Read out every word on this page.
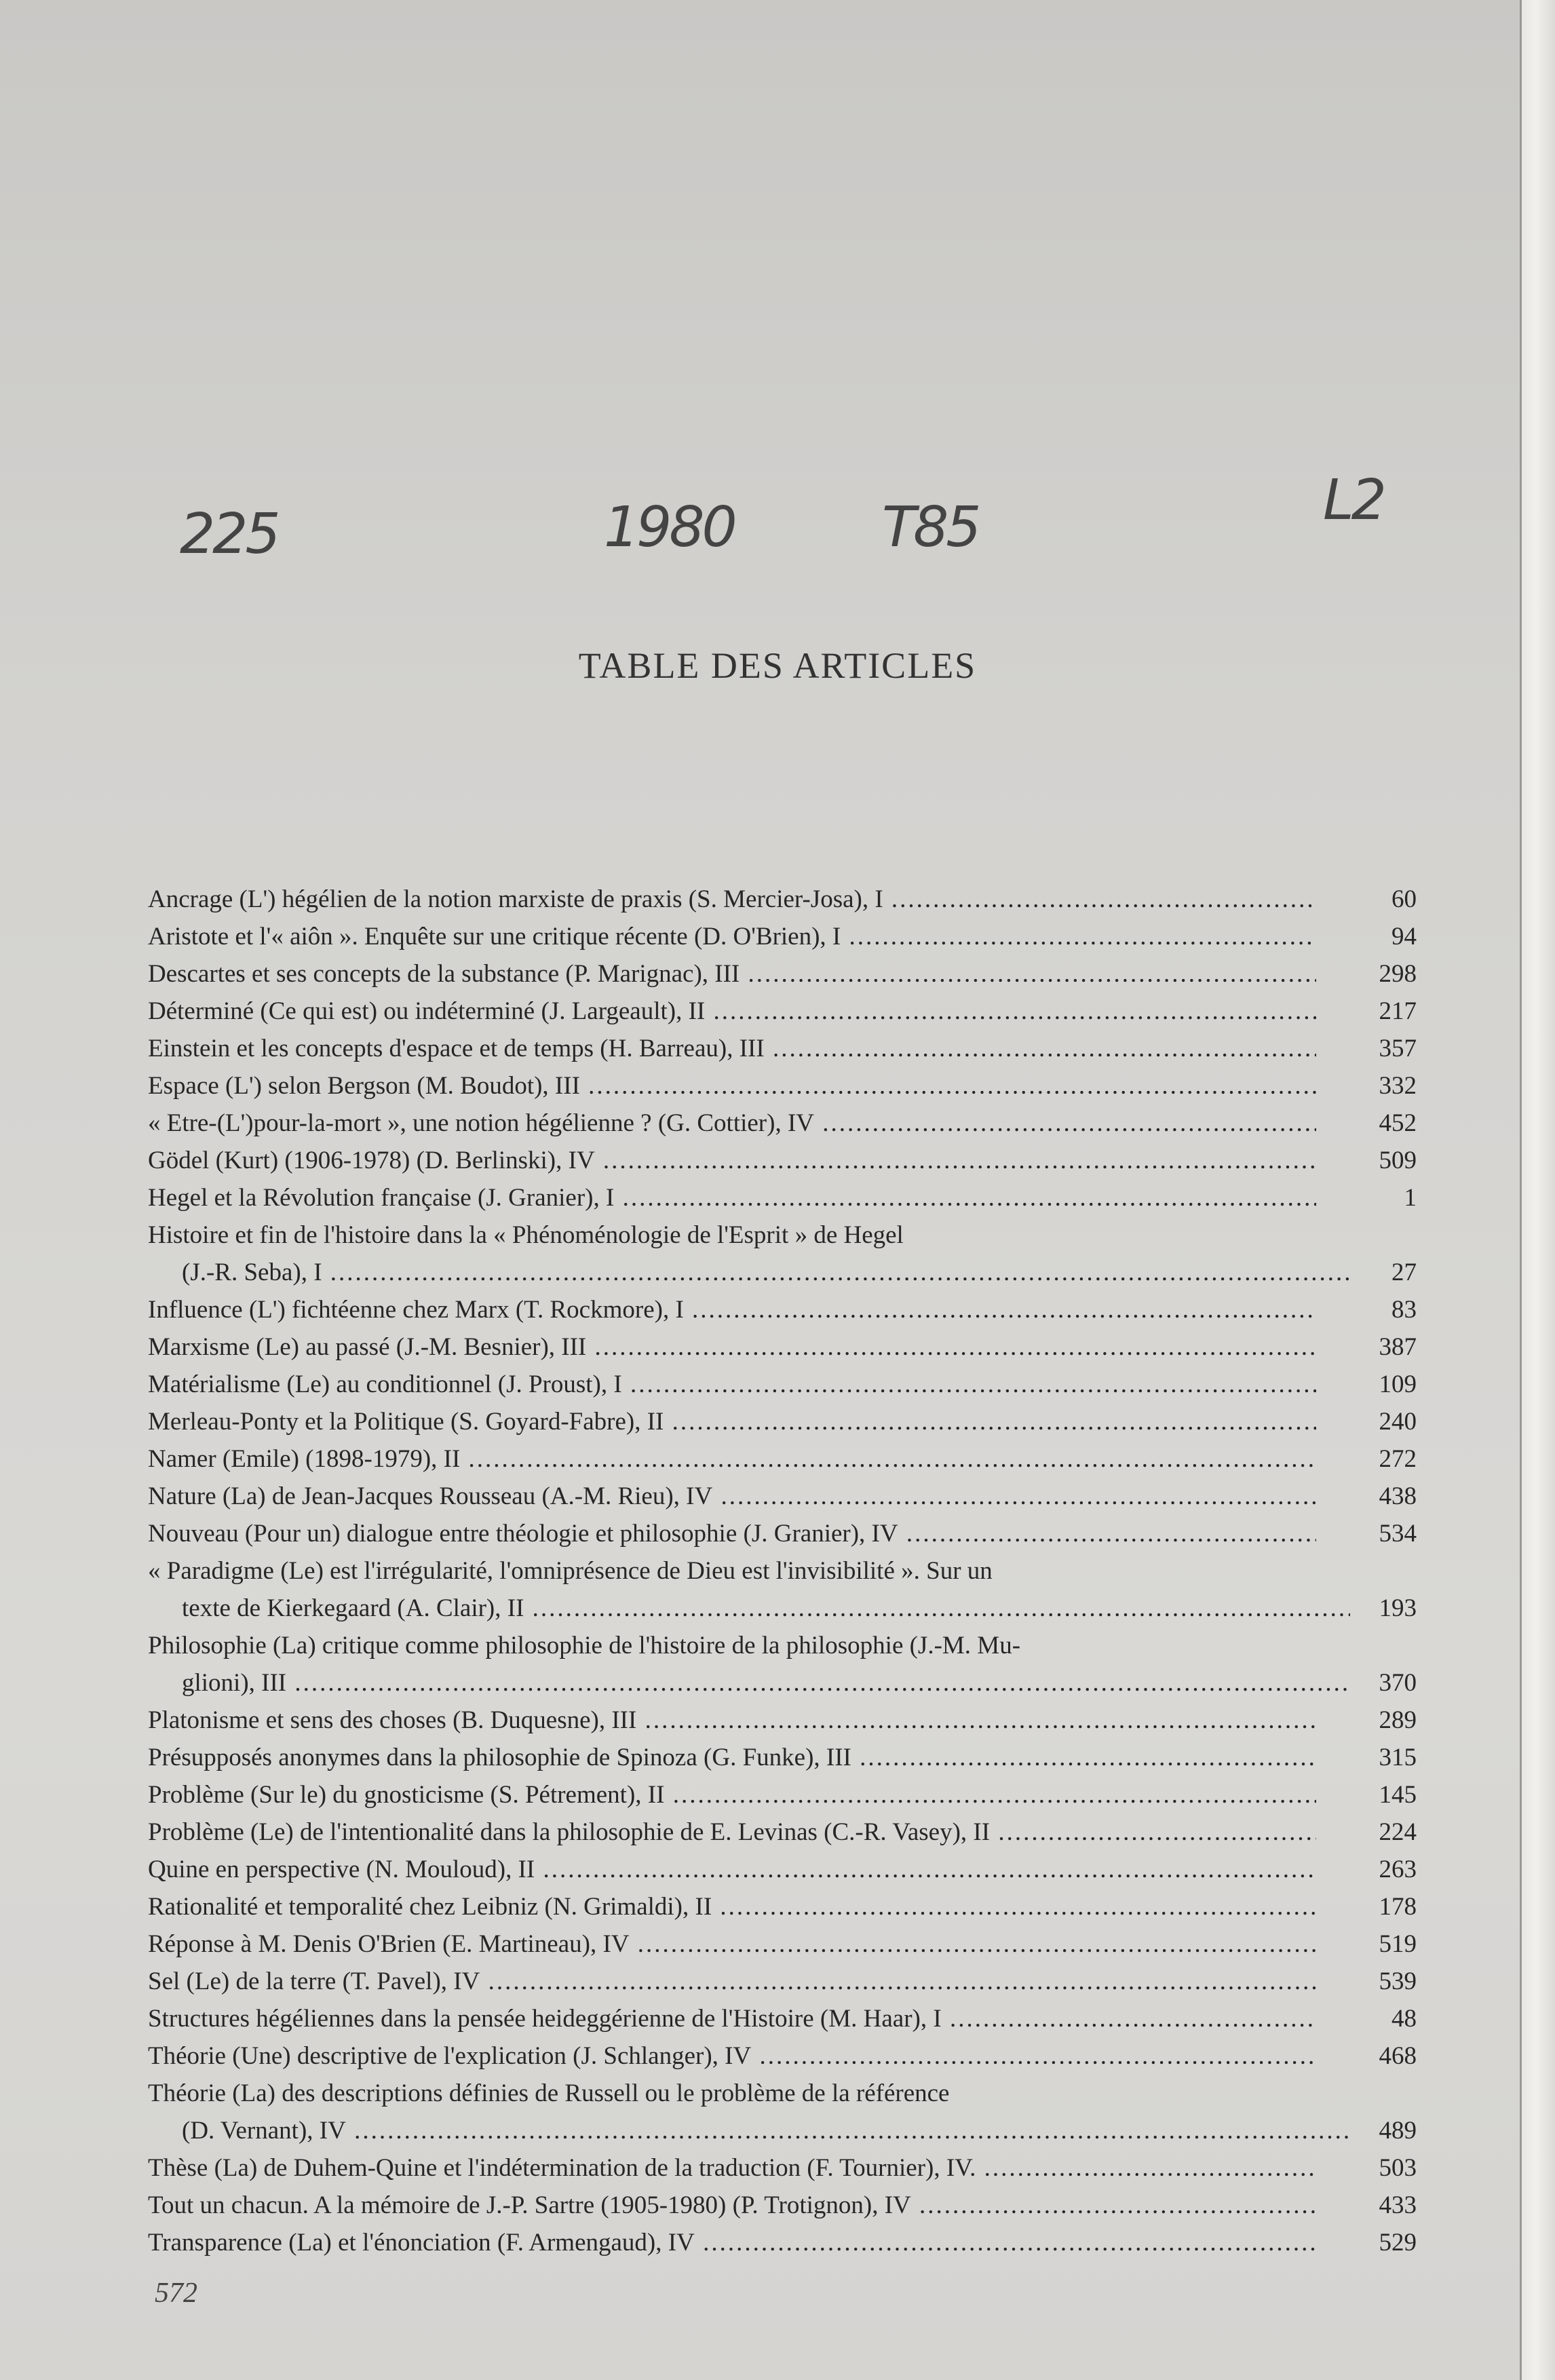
225	1980	T85	L2
TABLE DES ARTICLES
Ancrage (L') hégélien de la notion marxiste de praxis (S. Mercier-Josa), I .....	60
Aristote et l'« aiôn ». Enquête sur une critique récente (D. O'Brien), I .....	94
Descartes et ses concepts de la substance (P. Marignac), III .....	298
Déterminé (Ce qui est) ou indéterminé (J. Largeault), II .....	217
Einstein et les concepts d'espace et de temps (H. Barreau), III .....	357
Espace (L') selon Bergson (M. Boudot), III .....	332
« Etre-(L')pour-la-mort », une notion hégélienne ? (G. Cottier), IV .....	452
Gödel (Kurt) (1906-1978) (D. Berlinski), IV .....	509
Hegel et la Révolution française (J. Granier), I .....	1
Histoire et fin de l'histoire dans la « Phénoménologie de l'Esprit » de Hegel
(J.-R. Seba), I .....	27
Influence (L') fichtéenne chez Marx (T. Rockmore), I .....	83
Marxisme (Le) au passé (J.-M. Besnier), III .....	387
Matérialisme (Le) au conditionnel (J. Proust), I .....	109
Merleau-Ponty et la Politique (S. Goyard-Fabre), II .....	240
Namer (Emile) (1898-1979), II .....	272
Nature (La) de Jean-Jacques Rousseau (A.-M. Rieu), IV .....	438
Nouveau (Pour un) dialogue entre théologie et philosophie (J. Granier), IV .....	534
« Paradigme (Le) est l'irrégularité, l'omniprésence de Dieu est l'invisibilité ». Sur un
texte de Kierkegaard (A. Clair), II .....	193
Philosophie (La) critique comme philosophie de l'histoire de la philosophie (J.-M. Mu-
glioni), III .....	370
Platonisme et sens des choses (B. Duquesne), III .....	289
Présupposés anonymes dans la philosophie de Spinoza (G. Funke), III .....	315
Problème (Sur le) du gnosticisme (S. Pétrement), II .....	145
Problème (Le) de l'intentionalité dans la philosophie de E. Levinas (C.-R. Vasey), II .....	224
Quine en perspective (N. Mouloud), II .....	263
Rationalité et temporalité chez Leibniz (N. Grimaldi), II .....	178
Réponse à M. Denis O'Brien (E. Martineau), IV .....	519
Sel (Le) de la terre (T. Pavel), IV .....	539
Structures hégéliennes dans la pensée heideggérienne de l'Histoire (M. Haar), I .....	48
Théorie (Une) descriptive de l'explication (J. Schlanger), IV .....	468
Théorie (La) des descriptions définies de Russell ou le problème de la référence
(D. Vernant), IV .....	489
Thèse (La) de Duhem-Quine et l'indétermination de la traduction (F. Tournier), IV. .....	503
Tout un chacun. A la mémoire de J.-P. Sartre (1905-1980) (P. Trotignon), IV .....	433
Transparence (La) et l'énonciation (F. Armengaud), IV .....	529
572
